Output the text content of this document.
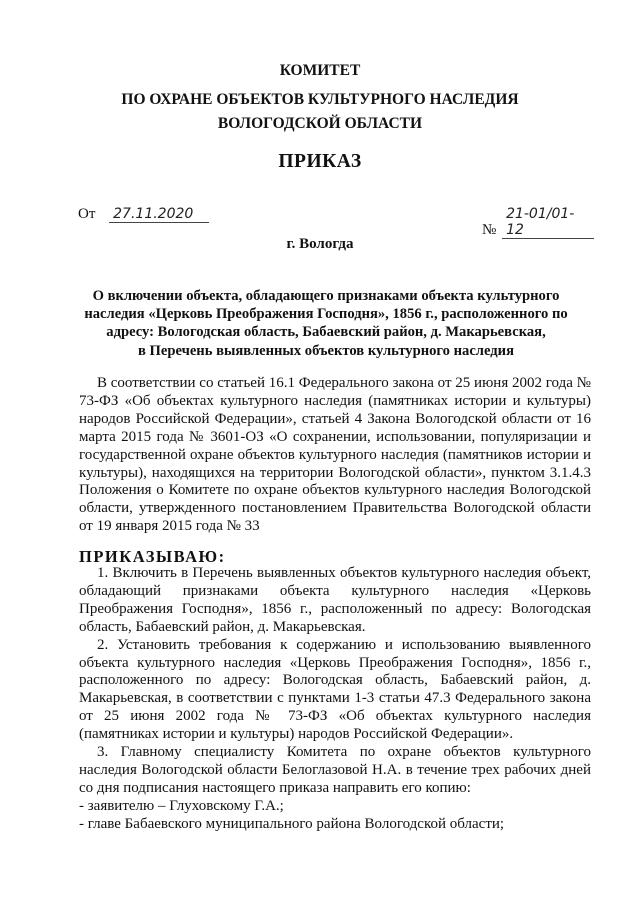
КОМИТЕТ
ПО ОХРАНЕ ОБЪЕКТОВ КУЛЬТУРНОГО НАСЛЕДИЯ
ВОЛОГОДСКОЙ ОБЛАСТИ
ПРИКАЗ
От 27.11.2020
№ 21-01/01-12
г. Вологда
О включении объекта, обладающего признаками объекта культурного
наследия «Церковь Преображения Господня», 1856 г., расположенного по
адресу: Вологодская область, Бабаевский район, д. Макарьевская,
в Перечень выявленных объектов культурного наследия

В соответствии со статьей 16.1 Федерального закона от 25 июня 2002 года № 73-ФЗ «Об объектах культурного наследия (памятниках истории и культуры) народов Российской Федерации», статьей 4 Закона Вологодской области от 16 марта 2015 года № 3601-ОЗ «О сохранении, использовании, популяризации и государственной охране объектов культурного наследия (памятников истории и культуры), находящихся на территории Вологодской области», пунктом 3.1.4.3 Положения о Комитете по охране объектов культурного наследия Вологодской области, утвержденного постановлением Правительства Вологодской области от 19 января 2015 года № 33

ПРИКАЗЫВАЮ:

1. Включить в Перечень выявленных объектов культурного наследия объект, обладающий признаками объекта культурного наследия «Церковь Преображения Господня», 1856 г., расположенный по адресу: Вологодская область, Бабаевский район, д. Макарьевская.

2. Установить требования к содержанию и использованию выявленного объекта культурного наследия «Церковь Преображения Господня», 1856 г., расположенного по адресу: Вологодская область, Бабаевский район, д. Макарьевская, в соответствии с пунктами 1-3 статьи 47.3 Федерального закона от 25 июня 2002 года № 73-ФЗ «Об объектах культурного наследия (памятниках истории и культуры) народов Российской Федерации».

3. Главному специалисту Комитета по охране объектов культурного наследия Вологодской области Белоглазовой Н.А. в течение трех рабочих дней со дня подписания настоящего приказа направить его копию:

- заявителю – Глуховскому Г.А.;

- главе Бабаевского муниципального района Вологодской области;
